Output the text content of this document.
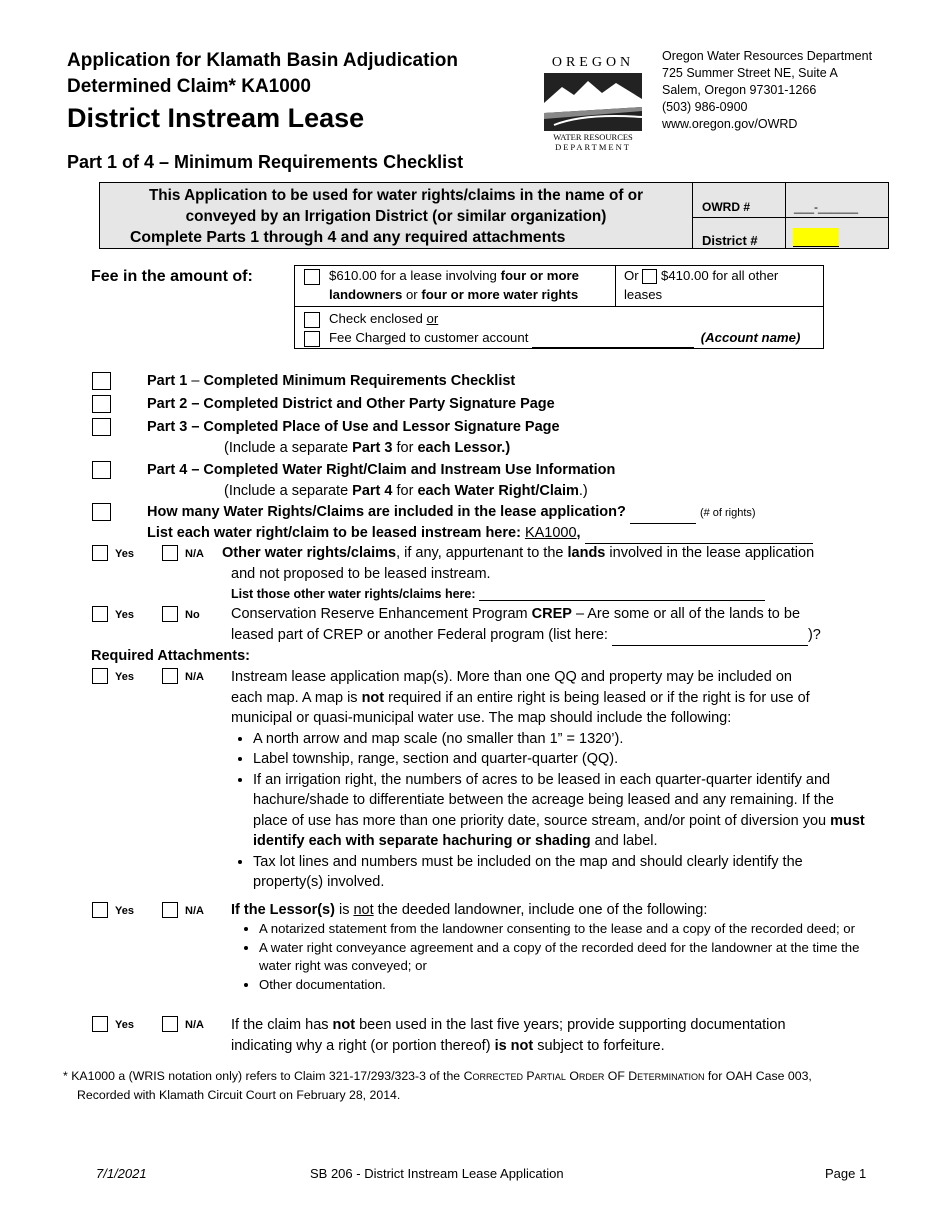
Application for Klamath Basin Adjudication
Determined Claim* KA1000
District Instream Lease
OREGON
WATER RESOURCES
DEPARTMENT
Oregon Water Resources Department
725 Summer Street NE, Suite A
Salem, Oregon 97301-1266
(503) 986-0900
www.oregon.gov/OWRD
Part 1 of 4 – Minimum Requirements Checklist
This Application to be used for water rights/claims in the name of or
conveyed by an Irrigation District (or similar organization)
Complete Parts 1 through 4 and any required attachments
OWRD #	___-______
District #
Fee in the amount of:	$610.00 for a lease involving four or more
landowners or four or more water rights
Or $410.00 for all other
leases
Check enclosed or
Fee Charged to customer account	(Account name)
Part 1 – Completed Minimum Requirements Checklist
Part 2 – Completed District and Other Party Signature Page
Part 3 – Completed Place of Use and Lessor Signature Page
(Include a separate Part 3 for each Lessor.)
Part 4 – Completed Water Right/Claim and Instream Use Information
(Include a separate Part 4 for each Water Right/Claim.)
How many Water Rights/Claims are included in the lease application?	(# of rights)
List each water right/claim to be leased instream here: KA1000,
Yes	N/A Other water rights/claims, if any, appurtenant to the lands involved in the lease application
and not proposed to be leased instream.
List those other water rights/claims here:
Yes	No Conservation Reserve Enhancement Program CREP – Are some or all of the lands to be
leased part of CREP or another Federal program (list here:	)?
Required Attachments:
Yes	N/A Instream lease application map(s). More than one QQ and property may be included on
each map. A map is not required if an entire right is being leased or if the right is for use of
municipal or quasi-municipal water use. The map should include the following:
• A north arrow and map scale (no smaller than 1” = 1320’).
• Label township, range, section and quarter-quarter (QQ).
• If an irrigation right, the numbers of acres to be leased in each quarter-quarter identify and hachure/shade to differentiate between the acreage being leased and any remaining. If the place of use has more than one priority date, source stream, and/or point of diversion you must identify each with separate hachuring or shading and label.
• Tax lot lines and numbers must be included on the map and should clearly identify the property(s) involved.
Yes	N/A If the Lessor(s) is not the deeded landowner, include one of the following:
• A notarized statement from the landowner consenting to the lease and a copy of the recorded deed; or
• A water right conveyance agreement and a copy of the recorded deed for the landowner at the time the water right was conveyed; or
• Other documentation.
Yes	N/A If the claim has not been used in the last five years; provide supporting documentation
indicating why a right (or portion thereof) is not subject to forfeiture.
* KA1000 a (WRIS notation only) refers to Claim 321-17/293/323-3 of the Corrected Partial Order OF Determination for OAH Case 003,
Recorded with Klamath Circuit Court on February 28, 2014.
7/1/2021	SB 206 - District Instream Lease Application	Page 1
